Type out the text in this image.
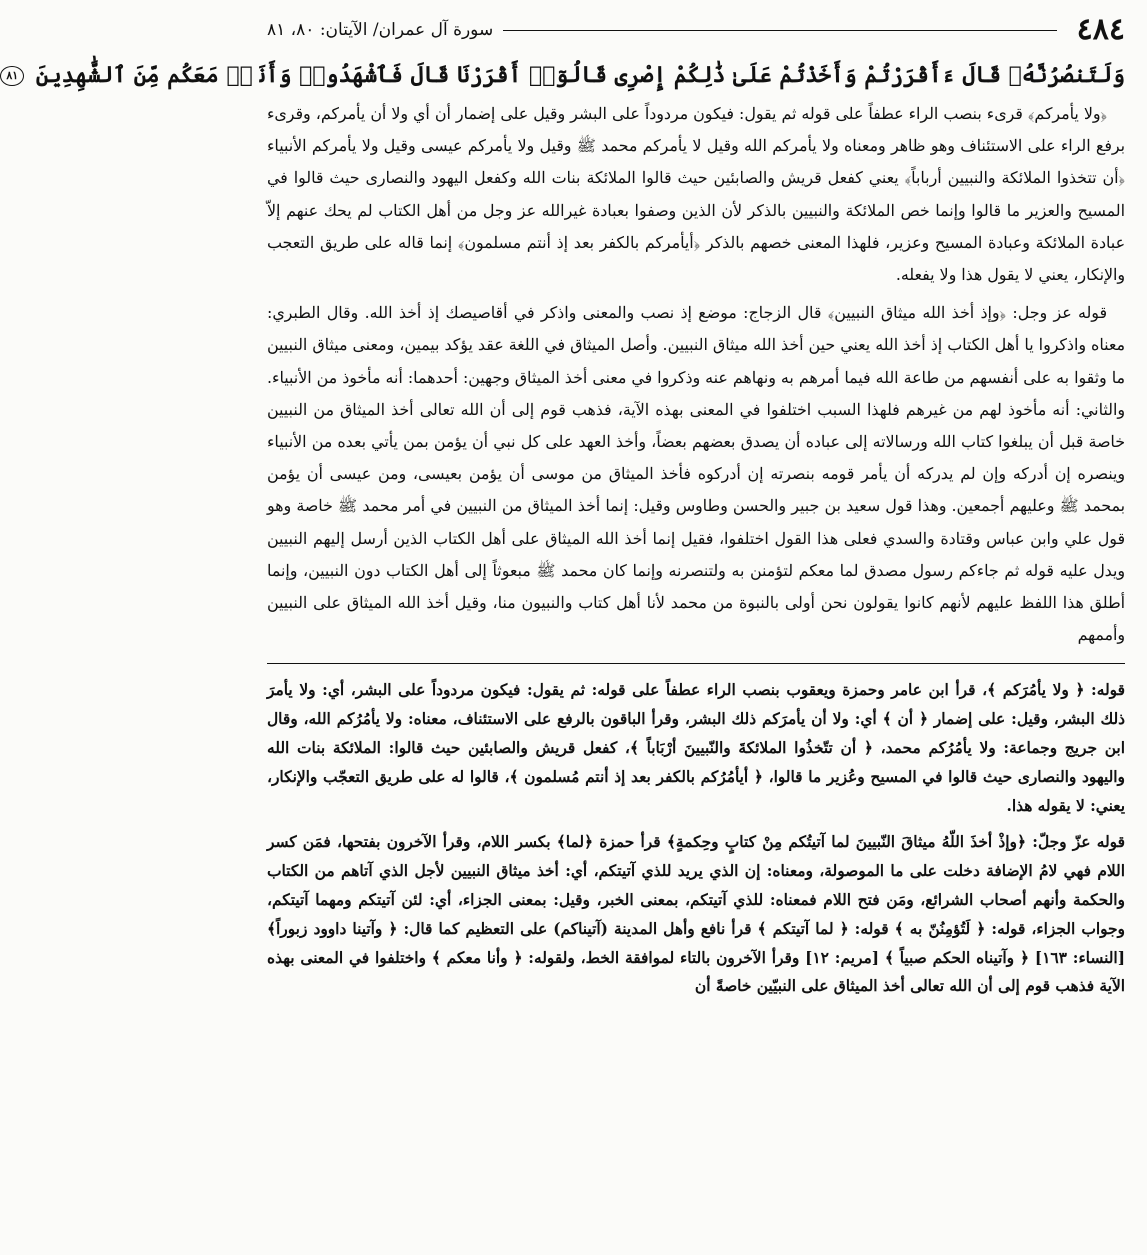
٤٨٤
سورة آل عمران/ الآيتان: ٨٠، ٨١
وَلَتَنصُرُنَّهُۥ قَالَ ءَأَقْرَرْتُمْ وَأَخَذْتُمْ عَلَىٰ ذَٰلِكُمْ إِصْرِى قَالُوٓا۟ أَقْرَرْنَا قَالَ فَٱشْهَدُوا۟ وَأَنَا۠ مَعَكُم مِّنَ ٱلشَّٰهِدِينَ ٨١

﴿ولا يأمركم﴾ قرىء بنصب الراء عطفاً على قوله ثم يقول: فيكون مردوداً على البشر وقيل على إضمار أن أي ولا أن يأمركم، وقرىء برفع الراء على الاستئناف وهو ظاهر ومعناه ولا يأمركم الله وقيل لا يأمركم محمد ﷺ وقيل ولا يأمركم عيسى وقيل ولا يأمركم الأنبياء ﴿أن تتخذوا الملائكة والنبيين أرباباً﴾ يعني كفعل قريش والصابئين حيث قالوا الملائكة بنات الله وكفعل اليهود والنصارى حيث قالوا في المسيح والعزير ما قالوا وإنما خص الملائكة والنبيين بالذكر لأن الذين وصفوا بعبادة غيرالله عز وجل من أهل الكتاب لم يحك عنهم إلاّ عبادة الملائكة وعبادة المسيح وعزير، فلهذا المعنى خصهم بالذكر ﴿أيأمركم بالكفر بعد إذ أنتم مسلمون﴾ إنما قاله على طريق التعجب والإنكار، يعني لا يقول هذا ولا يفعله.

قوله عز وجل: ﴿وإذ أخذ الله ميثاق النبيين﴾ قال الزجاج: موضع إذ نصب والمعنى واذكر في أقاصيصك إذ أخذ الله. وقال الطبري: معناه واذكروا يا أهل الكتاب إذ أخذ الله يعني حين أخذ الله ميثاق النبيين. وأصل الميثاق في اللغة عقد يؤكد بيمين، ومعنى ميثاق النبيين ما وثقوا به على أنفسهم من طاعة الله فيما أمرهم به ونهاهم عنه وذكروا في معنى أخذ الميثاق وجهين: أحدهما: أنه مأخوذ من الأنبياء. والثاني: أنه مأخوذ لهم من غيرهم فلهذا السبب اختلفوا في المعنى بهذه الآية، فذهب قوم إلى أن الله تعالى أخذ الميثاق من النبيين خاصة قبل أن يبلغوا كتاب الله ورسالاته إلى عباده أن يصدق بعضهم بعضاً، وأخذ العهد على كل نبي أن يؤمن بمن يأتي بعده من الأنبياء وينصره إن أدركه وإن لم يدركه أن يأمر قومه بنصرته إن أدركوه فأخذ الميثاق من موسى أن يؤمن بعيسى، ومن عيسى أن يؤمن بمحمد ﷺ وعليهم أجمعين. وهذا قول سعيد بن جبير والحسن وطاوس وقيل: إنما أخذ الميثاق من النبيين في أمر محمد ﷺ خاصة وهو قول علي وابن عباس وقتادة والسدي فعلى هذا القول اختلفوا، فقيل إنما أخذ الله الميثاق على أهل الكتاب الذين أرسل إليهم النبيين ويدل عليه قوله ثم جاءكم رسول مصدق لما معكم لتؤمنن به ولتنصرنه وإنما كان محمد ﷺ مبعوثاً إلى أهل الكتاب دون النبيين، وإنما أطلق هذا اللفظ عليهم لأنهم كانوا يقولون نحن أولى بالنبوة من محمد لأنا أهل كتاب والنبيون منا، وقيل أخذ الله الميثاق على النبيين وأممهم

قوله: ﴿ ولا يأمُرَكم ﴾، قرأ ابن عامر وحمزة ويعقوب بنصب الراء عطفاً على قوله: ثم يقول: فيكون مردوداً على البشر، أي: ولا يأمرَ ذلك البشر، وقيل: على إضمار ﴿ أن ﴾ أي: ولا أن يأمرَكم ذلك البشر، وقرأ الباقون بالرفع على الاستئناف، معناه: ولا يأمُرُكم الله، وقال ابن جريج وجماعة: ولا يأمُرُكم محمد، ﴿ أن تتّخذُوا الملائكةَ والنّبيينَ أرْبَاباً ﴾، كفعل قريش والصابئين حيث قالوا: الملائكة بنات الله واليهود والنصارى حيث قالوا في المسيح وعُزير ما قالوا، ﴿ أيأمُرُكم بالكفر بعد إذ أنتم مُسلمون ﴾، قالوا له على طريق التعجّب والإنكار، يعني: لا يقوله هذا.

قوله عزّ وجلّ: ﴿وإذْ أخذَ اللّهُ ميثاقَ النّبيينَ لما آتيتُكم مِنْ كتابٍ وحِكمةٍ﴾ قرأ حمزة ﴿لما﴾ بكسر اللام، وقرأ الآخرون بفتحها، فمَن كسر اللام فهي لامُ الإضافة دخلت على ما الموصولة، ومعناه: إن الذي يريد للذي آتيتكم، أي: أخذ ميثاق النبيين لأجل الذي آتاهم من الكتاب والحكمة وأنهم أصحاب الشرائع، ومَن فتح اللام فمعناه: للذي آتيتكم، بمعنى الخبر، وقيل: بمعنى الجزاء، أي: لئن آتيتكم ومهما آتيتكم، وجواب الجزاء، قوله: ﴿ لَتُؤمِنُنّ به ﴾ قوله: ﴿ لما آتيتكم ﴾ قرأ نافع وأهل المدينة (آتيناكم) على التعظيم كما قال: ﴿ وآتينا داوود زبوراً﴾ [النساء: ١٦٣] ﴿ وآتيناه الحكم صبياً ﴾ [مريم: ١٢] وقرأ الآخرون بالتاء لموافقة الخط، ولقوله: ﴿ وأنا معكم ﴾ واختلفوا في المعنى بهذه الآية فذهب قوم إلى أن الله تعالى أخذ الميثاق على النبيّين خاصةً أن
